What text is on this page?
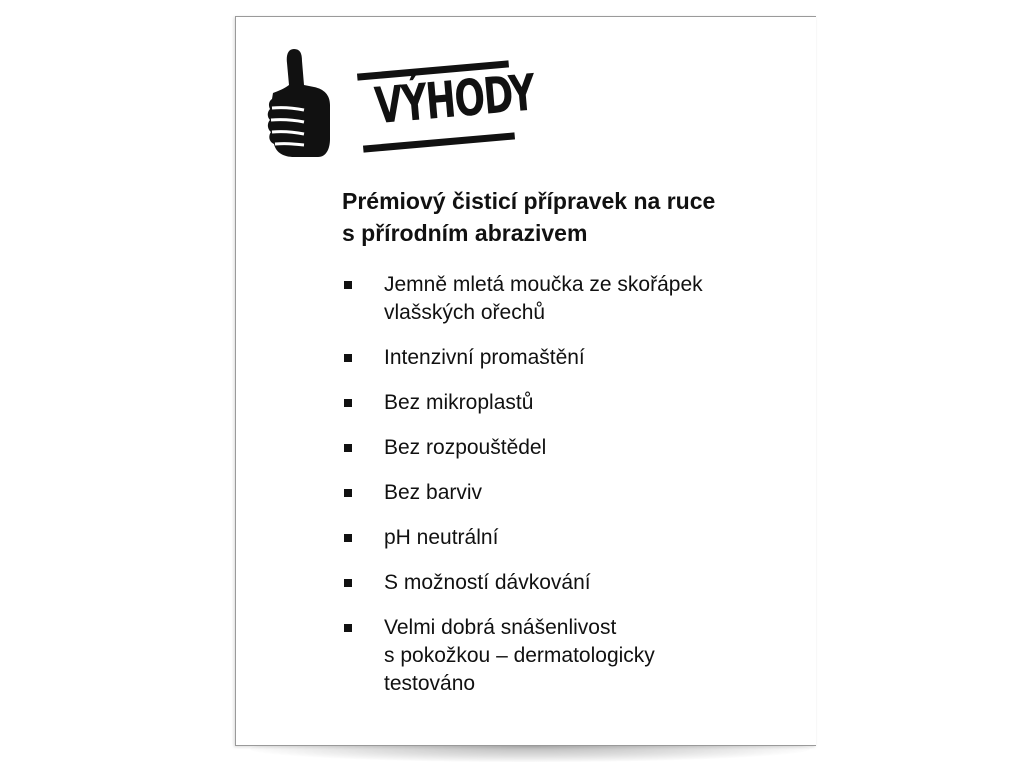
VÝHODY
Prémiový čisticí přípravek na ruce
s přírodním abrazivem
Jemně mletá moučka ze skořápek
vlašských ořechů
Intenzivní promaštění
Bez mikroplastů
Bez rozpouštědel
Bez barviv
pH neutrální
S možností dávkování
Velmi dobrá snášenlivost
s pokožkou – dermatologicky
testováno
